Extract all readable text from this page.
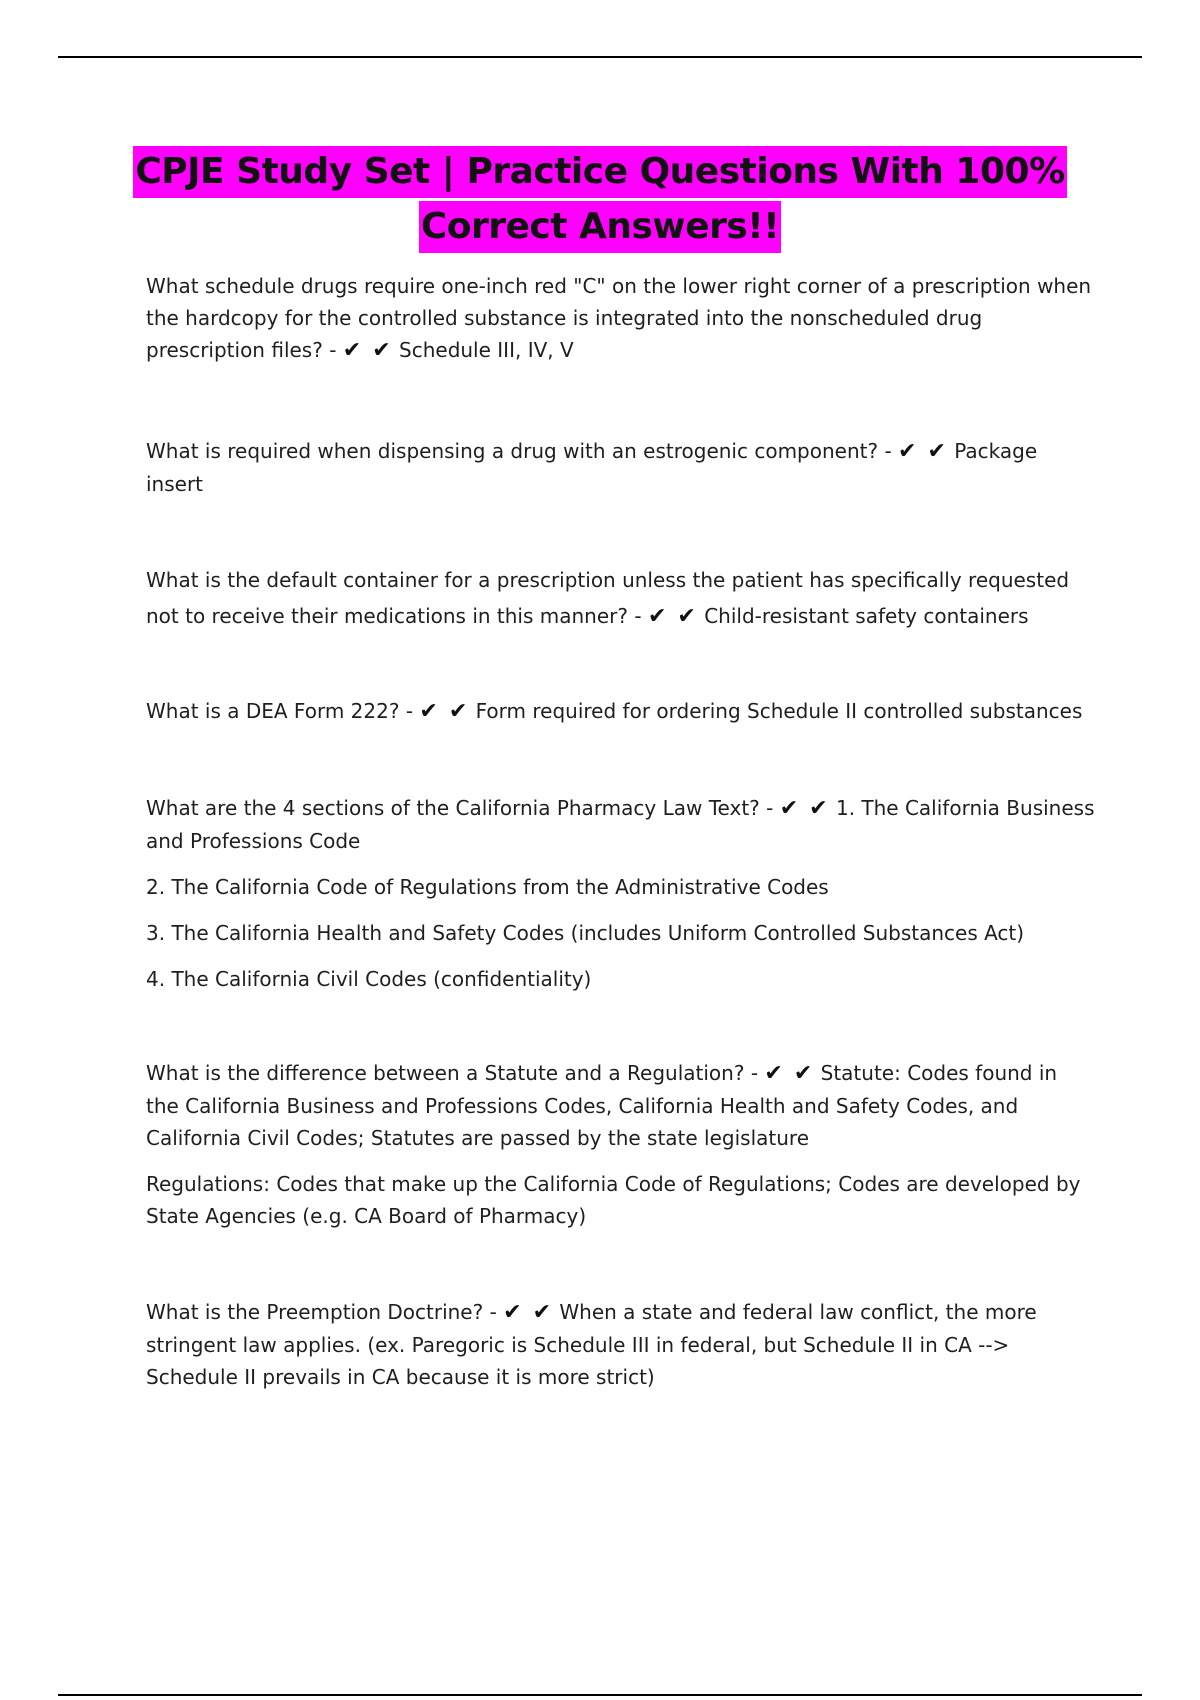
CPJE Study Set | Practice Questions With 100%
Correct Answers!!

What schedule drugs require one-inch red "C" on the lower right corner of a prescription when the hardcopy for the controlled substance is integrated into the nonscheduled drug prescription files? - ✔ ✔ Schedule III, IV, V

What is required when dispensing a drug with an estrogenic component? - ✔ ✔ Package insert

What is the default container for a prescription unless the patient has specifically requested not to receive their medications in this manner? - ✔ ✔ Child-resistant safety containers

What is a DEA Form 222? - ✔ ✔ Form required for ordering Schedule II controlled substances

What are the 4 sections of the California Pharmacy Law Text? - ✔ ✔ 1. The California Business and Professions Code

2. The California Code of Regulations from the Administrative Codes

3. The California Health and Safety Codes (includes Uniform Controlled Substances Act)

4. The California Civil Codes (confidentiality)

What is the difference between a Statute and a Regulation? - ✔ ✔ Statute: Codes found in the California Business and Professions Codes, California Health and Safety Codes, and California Civil Codes; Statutes are passed by the state legislature

Regulations: Codes that make up the California Code of Regulations; Codes are developed by State Agencies (e.g. CA Board of Pharmacy)

What is the Preemption Doctrine? - ✔ ✔ When a state and federal law conflict, the more stringent law applies. (ex. Paregoric is Schedule III in federal, but Schedule II in CA --> Schedule II prevails in CA because it is more strict)
